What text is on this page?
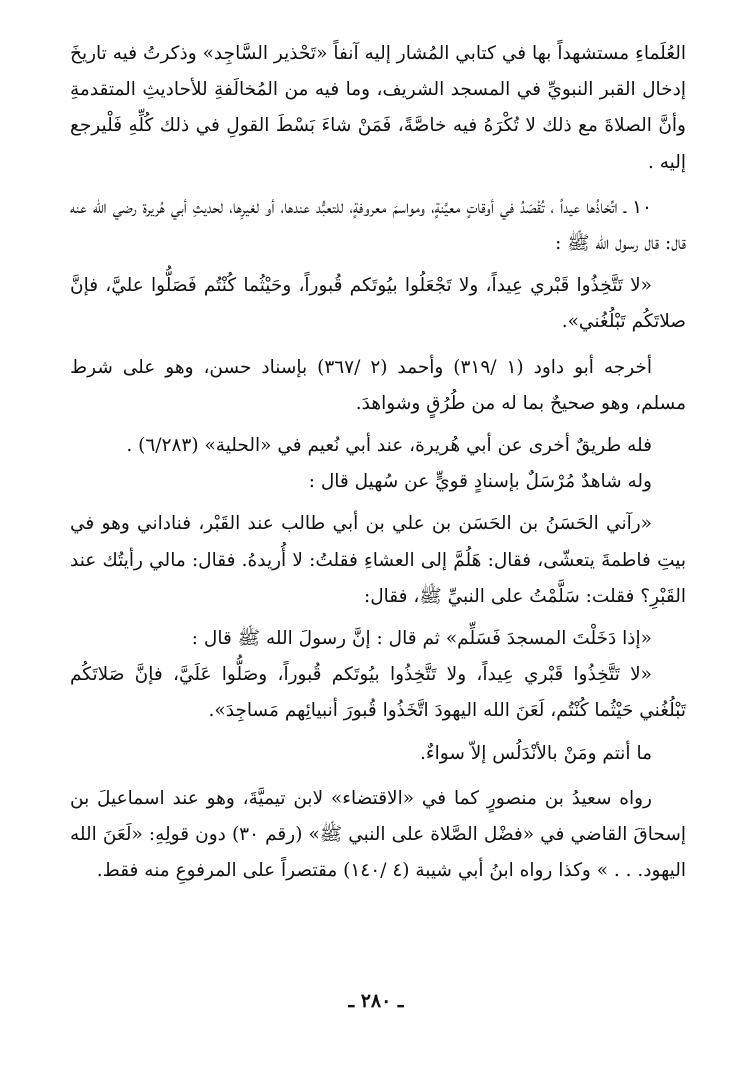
العُلَماءِ مستشهداً بها في كتابي المُشار إليه آنفاً «تَحْذير السَّاجِد» وذكرتُ فيه تاريخَ إدخال القبر النبويِّ في المسجد الشريف، وما فيه من المُخالَفةِ للأحاديثِ المتقدمةِ وأنَّ الصلاةَ مع ذلك لا تُكْرَهُ فيه خاصَّةً، فَمَنْ شاءَ بَسْطَ القولِ في ذلك كُلِّهِ فَلْيرجع إليه .

١٠ ـ اتِّخاذُها عيداً ، تُقْصَدُ في أوقاتٍ معيَّنةٍ، ومواسمَ معروفةٍ، للتعبُّد عندها، أو لغيرِها، لحديثِ أبي هُريرة رضي الله عنه قال: قال رسول الله ﷺ :

«لا تَتَّخِذُوا قَبْري عِيداً، ولا تَجْعَلُوا بيُوتَكم قُبوراً، وحَيْثُما كُنْتُم فَصَلُّوا عليَّ، فإنَّ صلاتَكُم تَبْلُغُني».

أخرجه أبو داود (١ /٣١٩) وأحمد (٢ /٣٦٧) بإسناد حسن، وهو على شرط مسلم، وهو صحيحٌ بما له من طُرُقٍ وشواهدَ.

فله طريقٌ أخرى عن أبي هُريرة، عند أبي نُعيم في «الحلية» (٦/٢٨٣) .

وله شاهدٌ مُرْسَلٌ بإسنادٍ قويٍّ عن سُهيل قال :

«رآني الحَسَنُ بن الحَسَن بن علي بن أبي طالب عند القَبْر، فناداني وهو في بيتِ فاطمةَ يتعشّى، فقال: هَلُمَّ إلى العشاءِ فقلتُ: لا أُريدهُ. فقال: مالي رأيتُك عند القَبْرِ؟ فقلت: سَلَّمْتُ على النبيِّ ﷺ، فقال:

«إذا دَخَلْتَ المسجدَ فَسَلِّم» ثم قال : إنَّ رسولَ الله ﷺ قال :

«لا تَتَّخِذُوا قَبْري عِيداً، ولا تَتَّخِذُوا بيُوتَكم قُبوراً، وصَلُّوا عَلَيَّ، فإنَّ صَلاتَكُم تَبْلُغُني حَيْثُما كُنْتُم، لَعَنَ الله اليهودَ اتَّخَذُوا قُبورَ أنبيائِهم مَساجِدَ».

ما أنتم ومَنْ بالأنْدَلُس إلاّ سواءٌ.

رواه سعيدُ بن منصورٍ كما في «الاقتضاء» لابن تيميَّةَ، وهو عند اسماعيلَ بن إسحاقَ القاضي في «فضْل الصَّلاة على النبي ﷺ» (رقم ٣٠) دون قولِهِ: «لَعَنَ الله اليهود. . . » وكذا رواه ابنُ أبي شيبة (٤ /١٤٠) مقتصراً على المرفوعِ منه فقط.

ـ ٢٨٠ ـ
